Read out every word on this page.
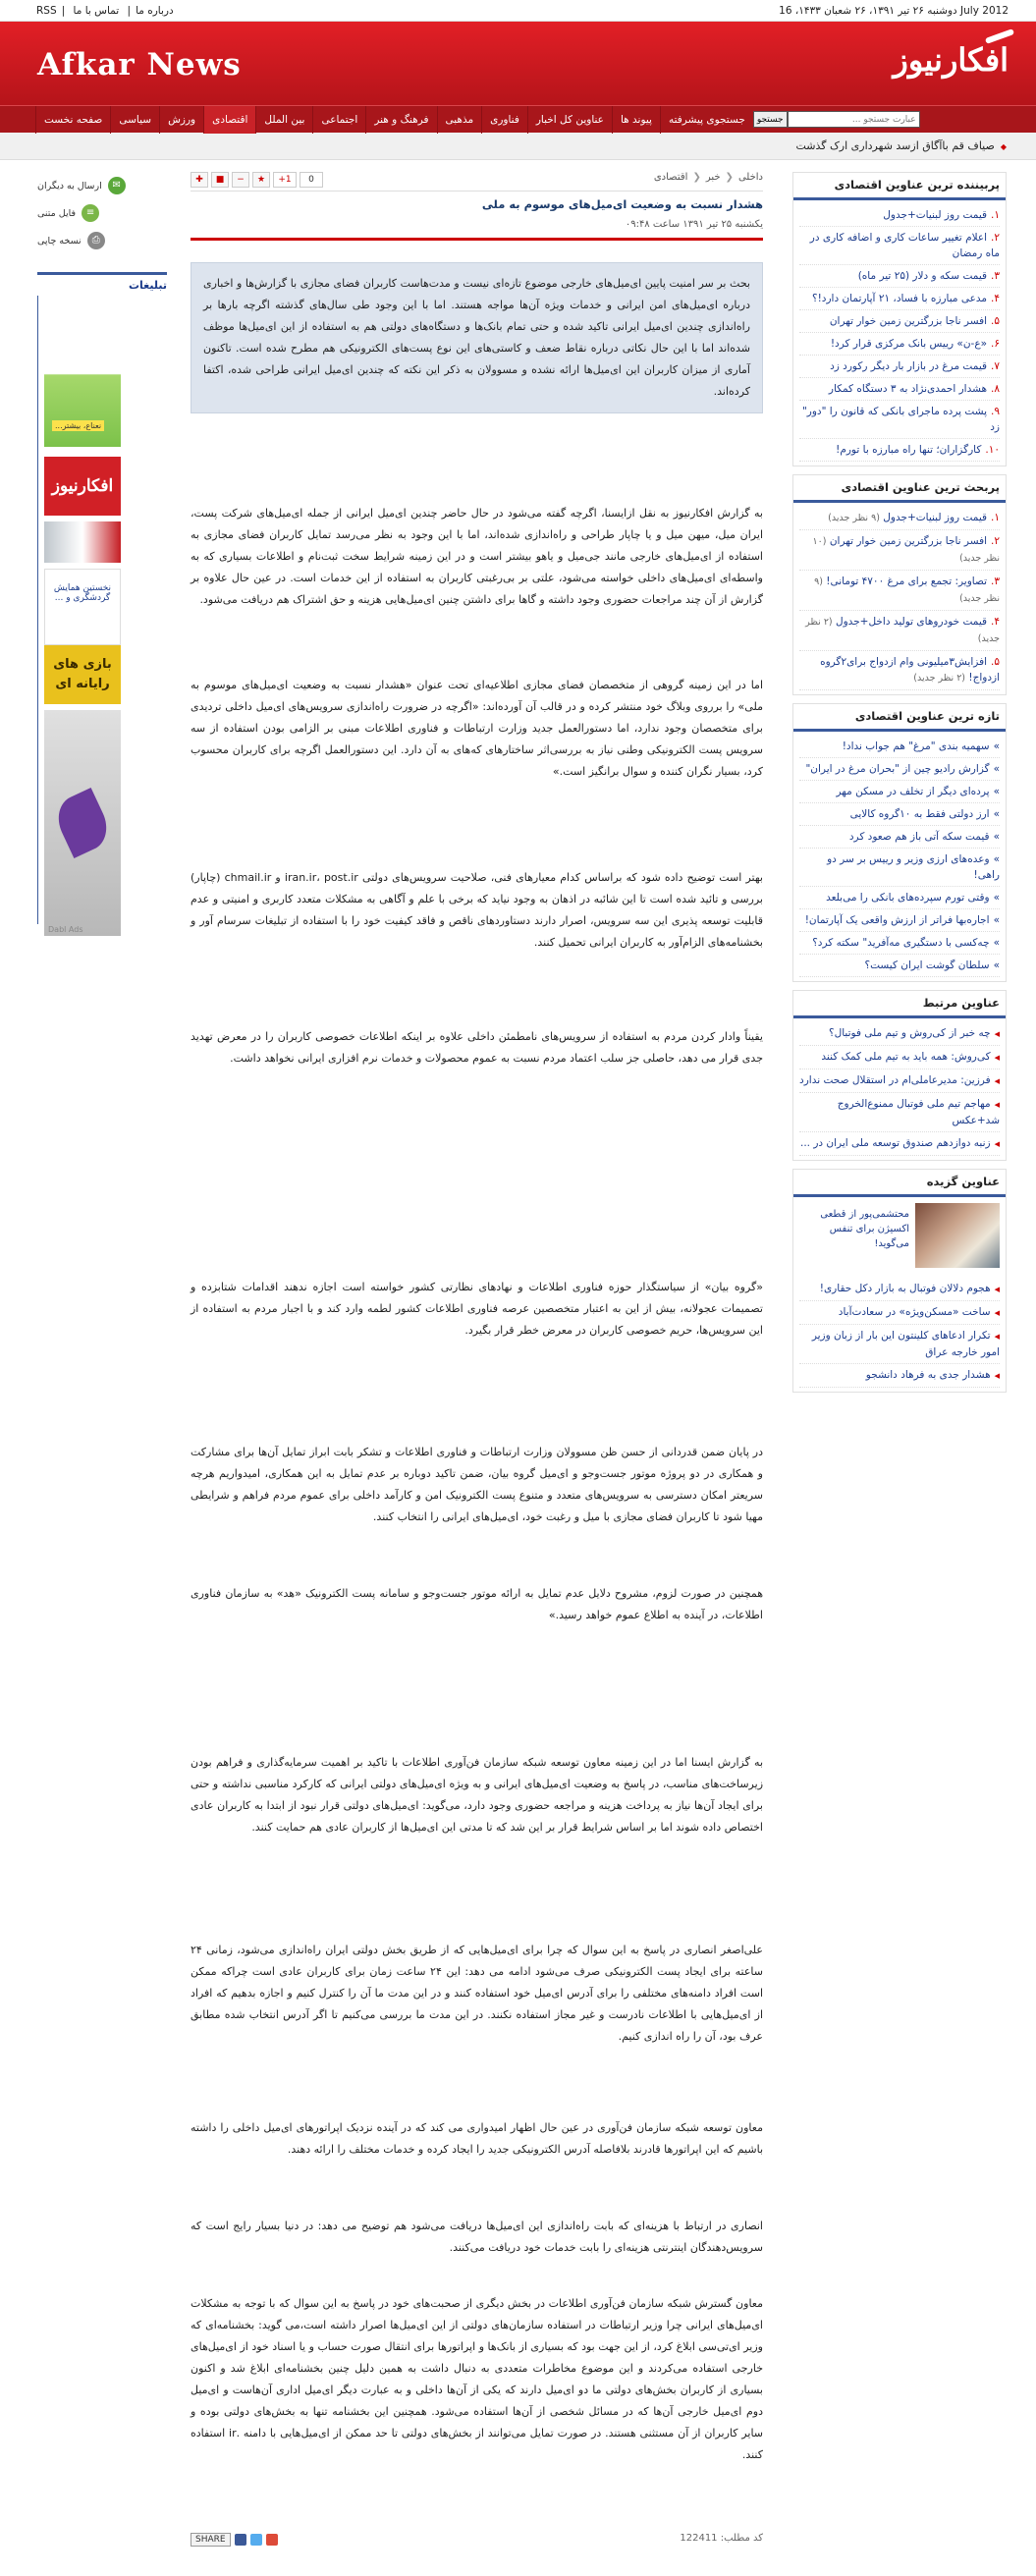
RSS |	درباره ما| تماس با ما	دوشنبه ۲۶ تیر ۱۳۹۱، ۲۶ شعبان ۱۴۳۳، 16 July 2012
Afkar News	افکارنیوز
صفحه نخست	سیاسی	ورزش	اقتصادی	بین الملل	اجتماعی	فرهنگ و هنر	مذهبی	فناوری	عناوین کل اخبار	پیوند ها	جستجوی پیشرفته
عبارت جستجو ...	جستجو
◆ صیاف قم باآگاق ازسد شهرداری ارک گذشت
پربیننده ترین عناوین اقتصادی
۱.قیمت روز لبنیات+جدول
۲.اعلام تغییر ساعات کاری و اضافه کاری در ماه رمضان
۳.قیمت سکه و دلار (۲۵ تیر ماه)
۴.مدعی مبارزه با فساد، ۲۱ آپارتمان دارد!؟
۵.افسر ناجا بزرگترین زمین خوار تهران
۶.«ع-ن» رییس بانک مرکزی قرار کرد!
۷.قیمت مرغ در بازار بار دیگر رکورد زد
۸.هشدار احمدی‌نژاد به ۳ دستگاه کمکار
۹.پشت پرده ماجرای بانکی که قانون را "دور" زد
۱۰.کارگزاران؛ تنها راه مبارزه با تورم!
پربحث ترین عناوین اقتصادی
۱.قیمت روز لبنیات+جدول (۹ نظر جدید)
۲.افسر ناجا بزرگترین زمین خوار تهران (۱۰ نظر جدید)
۳.تصاویر: تجمع برای مرغ ۴۷۰۰ تومانی! (۹ نظر جدید)
۴.قیمت خودروهای تولید داخل+جدول (۲ نظر جدید)
۵.افزایش۳میلیونی وام ازدواج برای۲گروه ازدواج! (۲ نظر جدید)
تازه ترین عناوین اقتصادی
» سهمیه بندی "مرغ" هم جواب نداد!
» گزارش رادیو چین از "بحران مرغ در ایران"
» پرده‌ای دیگر از تخلف در مسکن مهر
» ارز دولتی فقط به ۱۰گروه کالایی
» قیمت سکه آتی باز هم صعود کرد
» وعده‌های ارزی وزیر و رییس بر سر دو راهی!
» وقتی تورم سپرده‌های بانکی را می‌بلعد
» اجاره‌بها فراتر از ارزش واقعی یک آپارتمان!
» چه‌کسی با دستگیری مه‌آفرید" سکته کرد؟
» سلطان گوشت ایران کیست؟
عناوین مرتبط
◀ چه خبر از کی‌روش و تیم ملی فوتبال؟
◀ کی‌روش: همه باید به تیم ملی کمک کنند
◀ فرزین: مدیرعاملی‌ام در استقلال صحت ندارد
◀ مهاجم تیم ملی فوتبال ممنوع‌الخروج شد+عکس
◀ زنبه دوازدهم صندوق توسعه ملی ایران در ...
عناوین گزیده
محتشمی‌پور از قطعی اکسیژن برای تنفس می‌گوید!
◀ هجوم دلالان فوتبال به بازار دکل حقاری!
◀ ساخت «مسکن‌ویژه» در سعادت‌آباد
◀ تکرار ادعاهای کلینتون این بار از زبان وزیر امور خارجه عراق
◀ هشدار جدی به فرهاد دانشجو
داخلی
❮
خبر
❮
اقتصادی
✚	■	−	★	+1	0
هشدار نسبت به وضعیت ای‌میل‌های موسوم به ملی
یکشنبه ۲۵ تیر ۱۳۹۱ ساعت ۰۹:۴۸
بحث بر سر امنیت پایین ای‌میل‌های خارجی موضوع تازه‌ای نیست و مدت‌هاست کاربران فضای مجازی با گزارش‌ها و اخباری درباره ای‌میل‌های امن ایرانی و خدمات ویژه آن‌ها مواجه هستند. اما با این وجود طی سال‌های گذشته اگرچه بارها بر راه‌اندازی چندین ای‌میل ایرانی تاکید شده و حتی تمام بانک‌ها و دستگاه‌های دولتی هم به استفاده از این ای‌میل‌ها موظف شده‌اند اما با این حال نکاتی درباره نقاط ضعف و کاستی‌های این نوع پست‌های الکترونیکی هم مطرح شده است. تاکنون آماری از میزان کاربران این ای‌میل‌ها ارائه نشده و مسوولان به ذکر این نکته که چندین ای‌میل ایرانی طراحی شده، اکتفا کرده‌اند.

به گزارش افکارنیوز به نقل ازایسنا، اگرچه گفته می‌شود در حال حاضر چندین ای‌میل ایرانی از جمله ای‌میل‌های شرکت پست، ایران میل، میهن میل و یا چاپار طراحی و راه‌اندازی شده‌اند، اما با این وجود به نظر می‌رسد تمایل کاربران فضای مجازی به استفاده از ای‌میل‌های خارجی مانند جی‌میل و یاهو بیشتر است و در این زمینه شرایط سخت ثبت‌نام و اطلاعات بسیاری که به واسطه‌ای ای‌میل‌های داخلی خواسته می‌شود، علتی بر بی‌رغبتی کاربران به استفاده از این خدمات است. در عین حال علاوه بر گزارش از آن چند مراجعات حضوری وجود داشته و گاها برای داشتن چنین ای‌میل‌هایی هزینه و حق اشتراک هم دریافت می‌شود.

اما در این زمینه گروهی از متخصصان فضای مجازی اطلاعیه‌ای تحت عنوان «هشدار نسبت به وضعیت ای‌میل‌های موسوم به ملی» را برروی وبلاگ خود منتشر کرده و در قالب آن آورده‌اند: «اگرچه در ضرورت راه‌اندازی سرویس‌های ای‌میل داخلی تردیدی برای متخصصان وجود ندارد، اما دستورالعمل جدید وزارت ارتباطات و فناوری اطلاعات مبنی بر الزامی بودن استفاده از سه سرویس پست الکترونیکی وطنی نیاز به بررسی‌اثر ساختارهای که‌های به آن دارد. این دستورالعمل اگرچه برای کاربران محسوب کرد، بسیار نگران کننده و سوال برانگیز است.»

بهتر است توضیح داده شود که براساس کدام معیارهای فنی، صلاحیت سرویس‌های دولتی iran.ir، post.ir و chmail.ir (چاپار) بررسی و تائید شده است تا این شائبه در اذهان به وجود نیاید که برخی با علم و آگاهی به مشکلات متعدد کاربری و امنیتی و عدم قابلیت توسعه پذیری این سه سرویس، اصرار دارند دستاوردهای ناقص و فاقد کیفیت خود را با استفاده از تبلیغات سرسام آور و بخشنامه‌های الزام‌آور به کاربران ایرانی تحمیل کنند.

یقیناً وادار کردن مردم به استفاده از سرویس‌های نامطمئن داخلی علاوه بر اینکه اطلاعات خصوصی کاربران را در معرض تهدید جدی قرار می دهد، حاصلی جز سلب اعتماد مردم نسبت به عموم محصولات و خدمات نرم افزاری ایرانی نخواهد داشت.

«گروه بیان» از سیاستگذار حوزه فناوری اطلاعات و نهادهای نظارتی کشور خواسته است اجازه ندهند اقدامات شتابزده و تصمیمات عجولانه، بیش از این به اعتبار متخصصین عرصه فناوری اطلاعات کشور لطمه وارد کند و با اجبار مردم به استفاده از این سرویس‌ها، حریم خصوصی کاربران در معرض خطر قرار بگیرد.

در پایان ضمن قدردانی از حسن ظن مسوولان وزارت ارتباطات و فناوری اطلاعات و تشکر بابت ابراز تمایل آن‌ها برای مشارکت و همکاری در دو پروژه موتور جست‌وجو و ای‌میل گروه بیان، ضمن تاکید دوباره بر عدم تمایل به این همکاری، امیدواریم هرچه سریعتر امکان دسترسی به سرویس‌های متعدد و متنوع پست الکترونیک امن و کارآمد داخلی برای عموم مردم فراهم و شرایطی مهیا شود تا کاربران فضای مجازی با میل و رغبت خود، ای‌میل‌های ایرانی را انتخاب کنند.

همچنین در صورت لزوم، مشروح دلایل عدم تمایل به ارائه موتور جست‌وجو و سامانه پست الکترونیک «هد» به سازمان فناوری اطلاعات، در آینده به اطلاع عموم خواهد رسید.»

به گزارش ایسنا اما در این زمینه معاون توسعه شبکه سازمان فن‌آوری اطلاعات با تاکید بر اهمیت سرمایه‌گذاری و فراهم بودن زیرساخت‌های مناسب، در پاسخ به وضعیت ای‌میل‌های ایرانی و به ویژه ای‌میل‌های دولتی ایرانی که کارکرد مناسبی نداشته و حتی برای ایجاد آن‌ها نیاز به پرداخت هزینه و مراجعه حضوری وجود دارد، می‌گوید: ای‌میل‌های دولتی قرار نبود از ابتدا به کاربران عادی اختصاص داده شوند اما بر اساس شرایط قرار بر این شد که تا مدتی این ای‌میل‌ها از کاربران عادی هم حمایت کنند.

علی‌اصغر انصاری در پاسخ به این سوال که چرا برای ای‌میل‌هایی که از طریق بخش دولتی ایران راه‌اندازی می‌شود، زمانی ۲۴ ساعته برای ایجاد پست الکترونیکی صرف می‌شود ادامه می دهد: این ۲۴ ساعت زمان برای کاربران عادی است چراکه ممکن است افراد دامنه‌های مختلفی را برای آدرس ای‌میل خود استفاده کنند و در این مدت ما آن را کنترل کنیم و اجازه بدهیم که افراد از ای‌میل‌هایی با اطلاعات نادرست و غیر مجاز استفاده نکنند. در این مدت ما بررسی می‌کنیم تا اگر آدرس انتخاب شده مطابق عرف بود، آن را راه اندازی کنیم.

معاون توسعه شبکه سازمان فن‌آوری در عین حال اظهار امیدواری می کند که در آینده نزدیک اپراتورهای ای‌میل داخلی را داشته باشیم که این اپراتورها قادرند بلافاصله آدرس الکترونیکی جدید را ایجاد کرده و خدمات مختلف را ارائه دهند.

انصاری در ارتباط با هزینه‌ای که بابت راه‌اندازی این ای‌میل‌ها دریافت می‌شود هم توضیح می دهد: در دنیا بسیار رایج است که سرویس‌دهندگان اینترنتی هزینه‌ای را بابت خدمات خود دریافت می‌کنند.

معاون گسترش شبکه سازمان فن‌آوری اطلاعات در بخش دیگری از صحبت‌های خود در پاسخ به این سوال که با توجه به مشکلات ای‌میل‌های ایرانی چرا وزیر ارتباطات در استفاده سازمان‌های دولتی از این ای‌میل‌ها اصرار داشته است،می گوید: بخشنامه‌ای که وزیر ای‌تی‌سی ابلاغ کرد، از این جهت بود که بسیاری از بانک‌ها و اپراتورها برای انتقال صورت حساب و یا اسناد خود از ای‌میل‌های خارجی استفاده می‌کردند و این موضوع مخاطرات متعددی به دنبال داشت به همین دلیل چنین بخشنامه‌ای ابلاغ شد و اکنون بسیاری از کاربران بخش‌های دولتی ما دو ای‌میل دارند که یکی از آن‌ها داخلی و به عبارت دیگر ای‌میل اداری آن‌هاست و ای‌میل دوم ای‌میل خارجی آن‌ها که در مسائل شخصی از آن‌ها استفاده می‌شود. همچنین این بخشنامه تنها به بخش‌های دولتی بوده و سایر کاربران از آن مستثنی هستند. در صورت تمایل می‌توانند از بخش‌های دولتی تا حد ممکن از ای‌میل‌هایی با دامنه .ir استفاده کنند.

کد مطلب: 122411
SHARE
✉
ارسال به دیگران
≡
فایل متنی
⎙
نسخه چاپی
تبلیغات
نعناع، بیشتر...
افکارنیوز
نخستین همایش گردشگری و ...
بازی های رایانه ای
Dabl Ads
